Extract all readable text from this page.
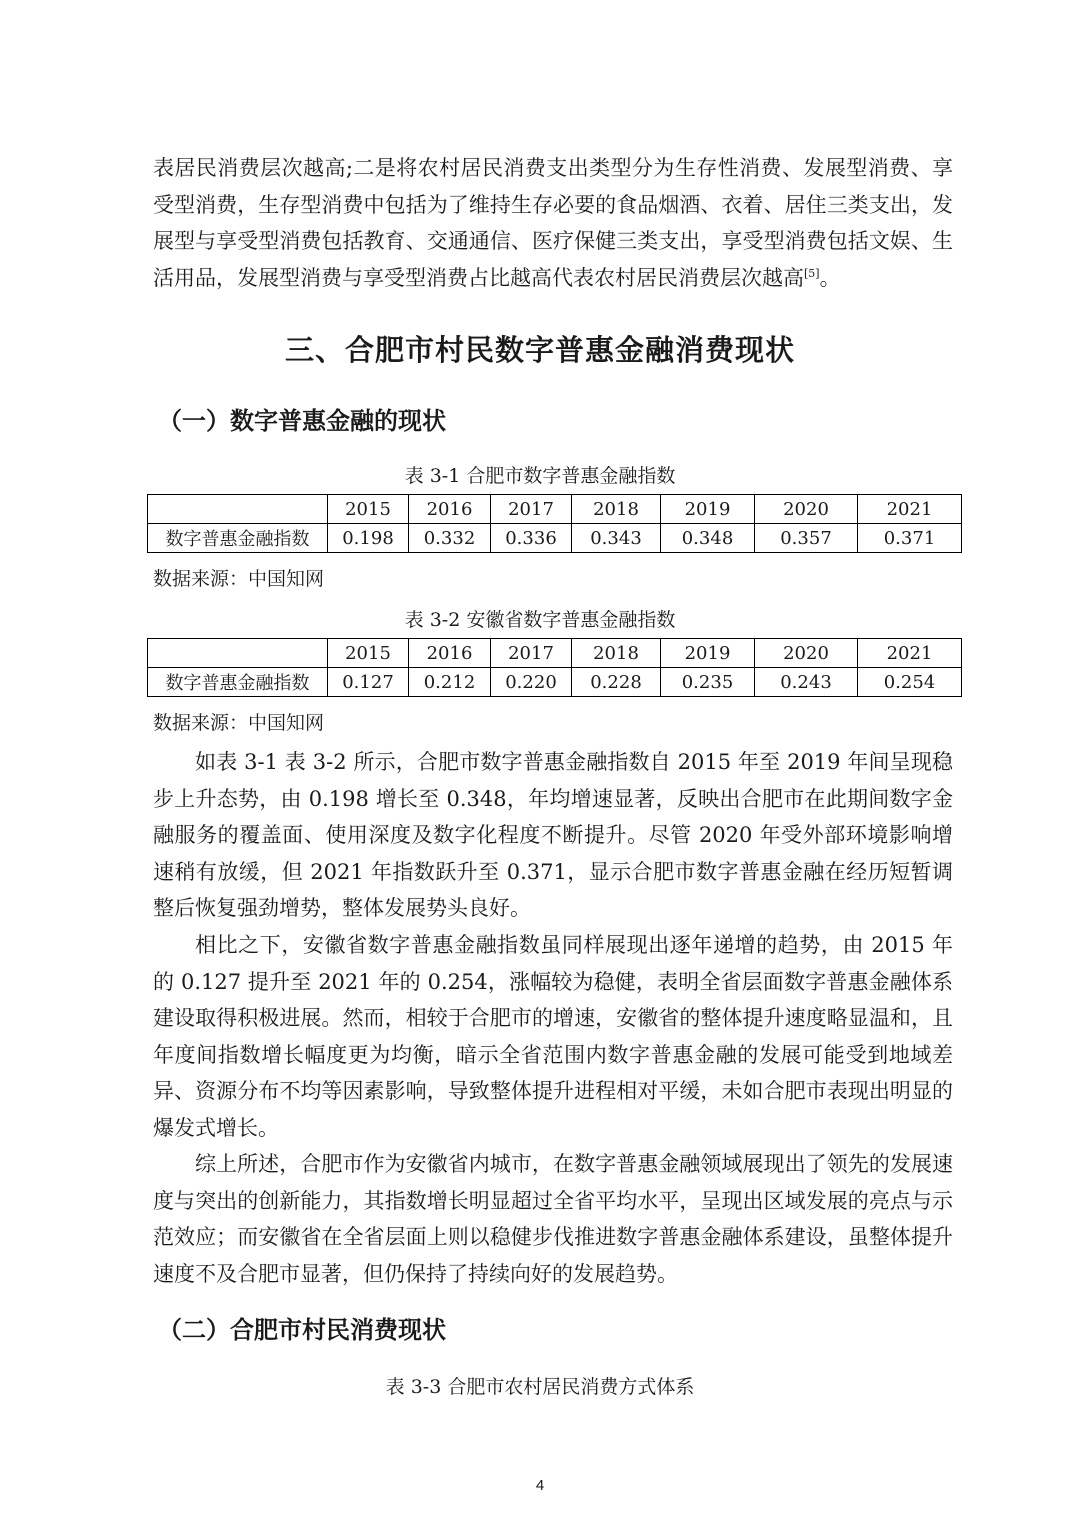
表居民消费层次越高;二是将农村居民消费支出类型分为生存性消费、发展型消费、享受型消费，生存型消费中包括为了维持生存必要的食品烟酒、衣着、居住三类支出，发展型与享受型消费包括教育、交通通信、医疗保健三类支出，享受型消费包括文娱、生活用品，发展型消费与享受型消费占比越高代表农村居民消费层次越高[5]。

三、合肥市村民数字普惠金融消费现状
（一）数字普惠金融的现状

表 3-1 合肥市数字普惠金融指数

	2015	2016	2017	2018	2019	2020	2021
数字普惠金融指数	0.198	0.332	0.336	0.343	0.348	0.357	0.371

数据来源：中国知网

表 3-2 安徽省数字普惠金融指数

	2015	2016	2017	2018	2019	2020	2021
数字普惠金融指数	0.127	0.212	0.220	0.228	0.235	0.243	0.254

数据来源：中国知网

如表 3-1 表 3-2 所示，合肥市数字普惠金融指数自 2015 年至 2019 年间呈现稳步上升态势，由 0.198 增长至 0.348，年均增速显著，反映出合肥市在此期间数字金融服务的覆盖面、使用深度及数字化程度不断提升。尽管 2020 年受外部环境影响增速稍有放缓，但 2021 年指数跃升至 0.371，显示合肥市数字普惠金融在经历短暂调整后恢复强劲增势，整体发展势头良好。

相比之下，安徽省数字普惠金融指数虽同样展现出逐年递增的趋势，由 2015 年的 0.127 提升至 2021 年的 0.254，涨幅较为稳健，表明全省层面数字普惠金融体系建设取得积极进展。然而，相较于合肥市的增速，安徽省的整体提升速度略显温和，且年度间指数增长幅度更为均衡，暗示全省范围内数字普惠金融的发展可能受到地域差异、资源分布不均等因素影响，导致整体提升进程相对平缓，未如合肥市表现出明显的爆发式增长。

综上所述，合肥市作为安徽省内城市，在数字普惠金融领域展现出了领先的发展速度与突出的创新能力，其指数增长明显超过全省平均水平，呈现出区域发展的亮点与示范效应；而安徽省在全省层面上则以稳健步伐推进数字普惠金融体系建设，虽整体提升速度不及合肥市显著，但仍保持了持续向好的发展趋势。

（二）合肥市村民消费现状

表 3-3 合肥市农村居民消费方式体系

4
